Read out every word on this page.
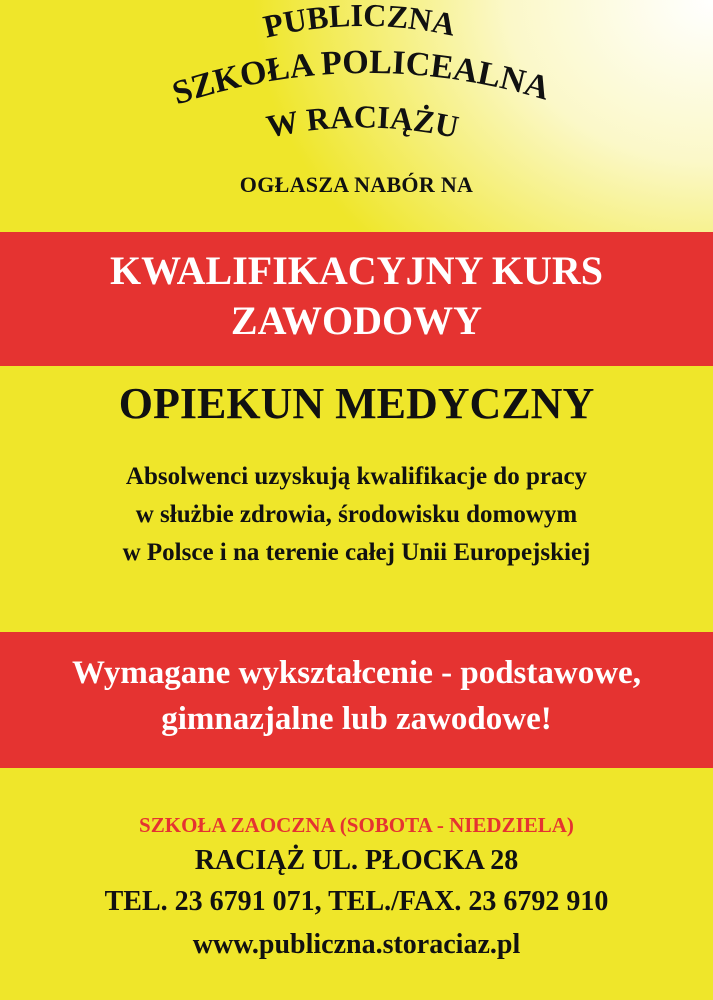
PUBLICZNA
SZKOŁA POLICEALNA
W RACIĄŻU
OGŁASZA NABÓR NA
KWALIFIKACYJNY KURS
ZAWODOWY
OPIEKUN MEDYCZNY
Absolwenci uzyskują kwalifikacje do pracy
w służbie zdrowia, środowisku domowym
w Polsce i na terenie całej Unii Europejskiej
Wymagane wykształcenie - podstawowe,
gimnazjalne lub zawodowe!
SZKOŁA ZAOCZNA (SOBOTA - NIEDZIELA)
RACIĄŻ UL. PŁOCKA 28
TEL. 23 6791 071, TEL./FAX. 23 6792 910
www.publiczna.storaciaz.pl
